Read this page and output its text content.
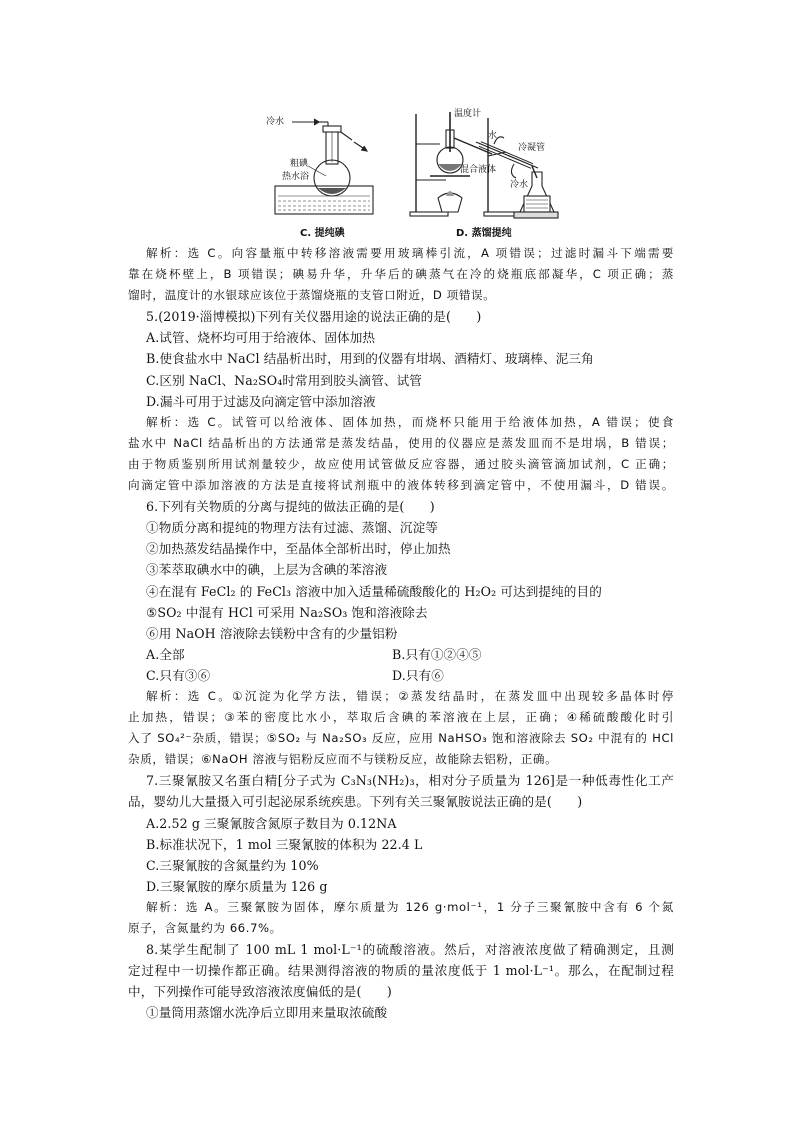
冷水
粗碘
热水浴
C. 提纯碘
温度计
水
冷凝管
混合液体
冷水
D. 蒸馏提纯
解析：选 C。向容量瓶中转移溶液需要用玻璃棒引流，A 项错误；过滤时漏斗下端需要
靠在烧杯壁上，B 项错误；碘易升华，升华后的碘蒸气在冷的烧瓶底部凝华，C 项正确；蒸
馏时，温度计的水银球应该位于蒸馏烧瓶的支管口附近，D 项错误。
5.(2019·淄博模拟)下列有关仪器用途的说法正确的是(　　)
A.试管、烧杯均可用于给液体、固体加热
B.使食盐水中 NaCl 结晶析出时，用到的仪器有坩埚、酒精灯、玻璃棒、泥三角
C.区别 NaCl、Na₂SO₄时常用到胶头滴管、试管
D.漏斗可用于过滤及向滴定管中添加溶液
解析：选 C。试管可以给液体、固体加热，而烧杯只能用于给液体加热，A 错误；使食
盐水中 NaCl 结晶析出的方法通常是蒸发结晶，使用的仪器应是蒸发皿而不是坩埚，B 错误；
由于物质鉴别所用试剂量较少，故应使用试管做反应容器，通过胶头滴管滴加试剂，C 正确；
向滴定管中添加溶液的方法是直接将试剂瓶中的液体转移到滴定管中，不使用漏斗，D 错误。
6.下列有关物质的分离与提纯的做法正确的是(　　)
①物质分离和提纯的物理方法有过滤、蒸馏、沉淀等
②加热蒸发结晶操作中，至晶体全部析出时，停止加热
③苯萃取碘水中的碘，上层为含碘的苯溶液
④在混有 FeCl₂ 的 FeCl₃ 溶液中加入适量稀硫酸酸化的 H₂O₂ 可达到提纯的目的
⑤SO₂ 中混有 HCl 可采用 Na₂SO₃ 饱和溶液除去
⑥用 NaOH 溶液除去镁粉中含有的少量铝粉
A.全部	B.只有①②④⑤
C.只有③⑥	D.只有⑥
解析：选 C。①沉淀为化学方法，错误；②蒸发结晶时，在蒸发皿中出现较多晶体时停
止加热，错误；③苯的密度比水小，萃取后含碘的苯溶液在上层，正确；④稀硫酸酸化时引
入了 SO₄²⁻杂质，错误；⑤SO₂ 与 Na₂SO₃ 反应，应用 NaHSO₃ 饱和溶液除去 SO₂ 中混有的 HCl
杂质，错误；⑥NaOH 溶液与铝粉反应而不与镁粉反应，故能除去铝粉，正确。
7.三聚氰胺又名蛋白精[分子式为 C₃N₃(NH₂)₃，相对分子质量为 126]是一种低毒性化工产
品，婴幼儿大量摄入可引起泌尿系统疾患。下列有关三聚氰胺说法正确的是(　　)
A.2.52 g 三聚氰胺含氮原子数目为 0.12NA
B.标准状况下，1 mol 三聚氰胺的体积为 22.4 L
C.三聚氰胺的含氮量约为 10%
D.三聚氰胺的摩尔质量为 126 g
解析：选 A。三聚氰胺为固体，摩尔质量为 126 g·mol⁻¹，1 分子三聚氰胺中含有 6 个氮
原子，含氮量约为 66.7%。
8.某学生配制了 100 mL 1 mol·L⁻¹的硫酸溶液。然后，对溶液浓度做了精确测定，且测
定过程中一切操作都正确。结果测得溶液的物质的量浓度低于 1 mol·L⁻¹。那么，在配制过程
中，下列操作可能导致溶液浓度偏低的是(　　)
①量筒用蒸馏水洗净后立即用来量取浓硫酸
